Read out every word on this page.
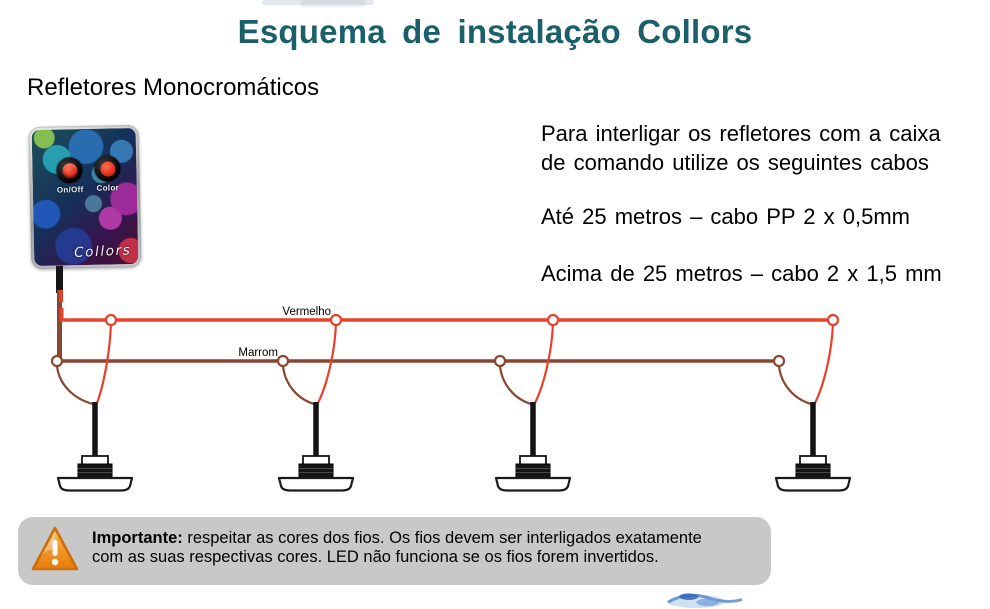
Esquema de instalação Collors
Refletores Monocromáticos
On/Off Color
Collors
Para interligar os refletores com a caixa
de comando utilize os seguintes cabos
Até 25 metros – cabo PP 2 x 0,5mm
Acima de 25 metros – cabo 2 x 1,5 mm
Vermelho
Marrom
Importante: respeitar as cores dos fios. Os fios devem ser interligados exatamente
com as suas respectivas cores. LED não funciona se os fios forem invertidos.
